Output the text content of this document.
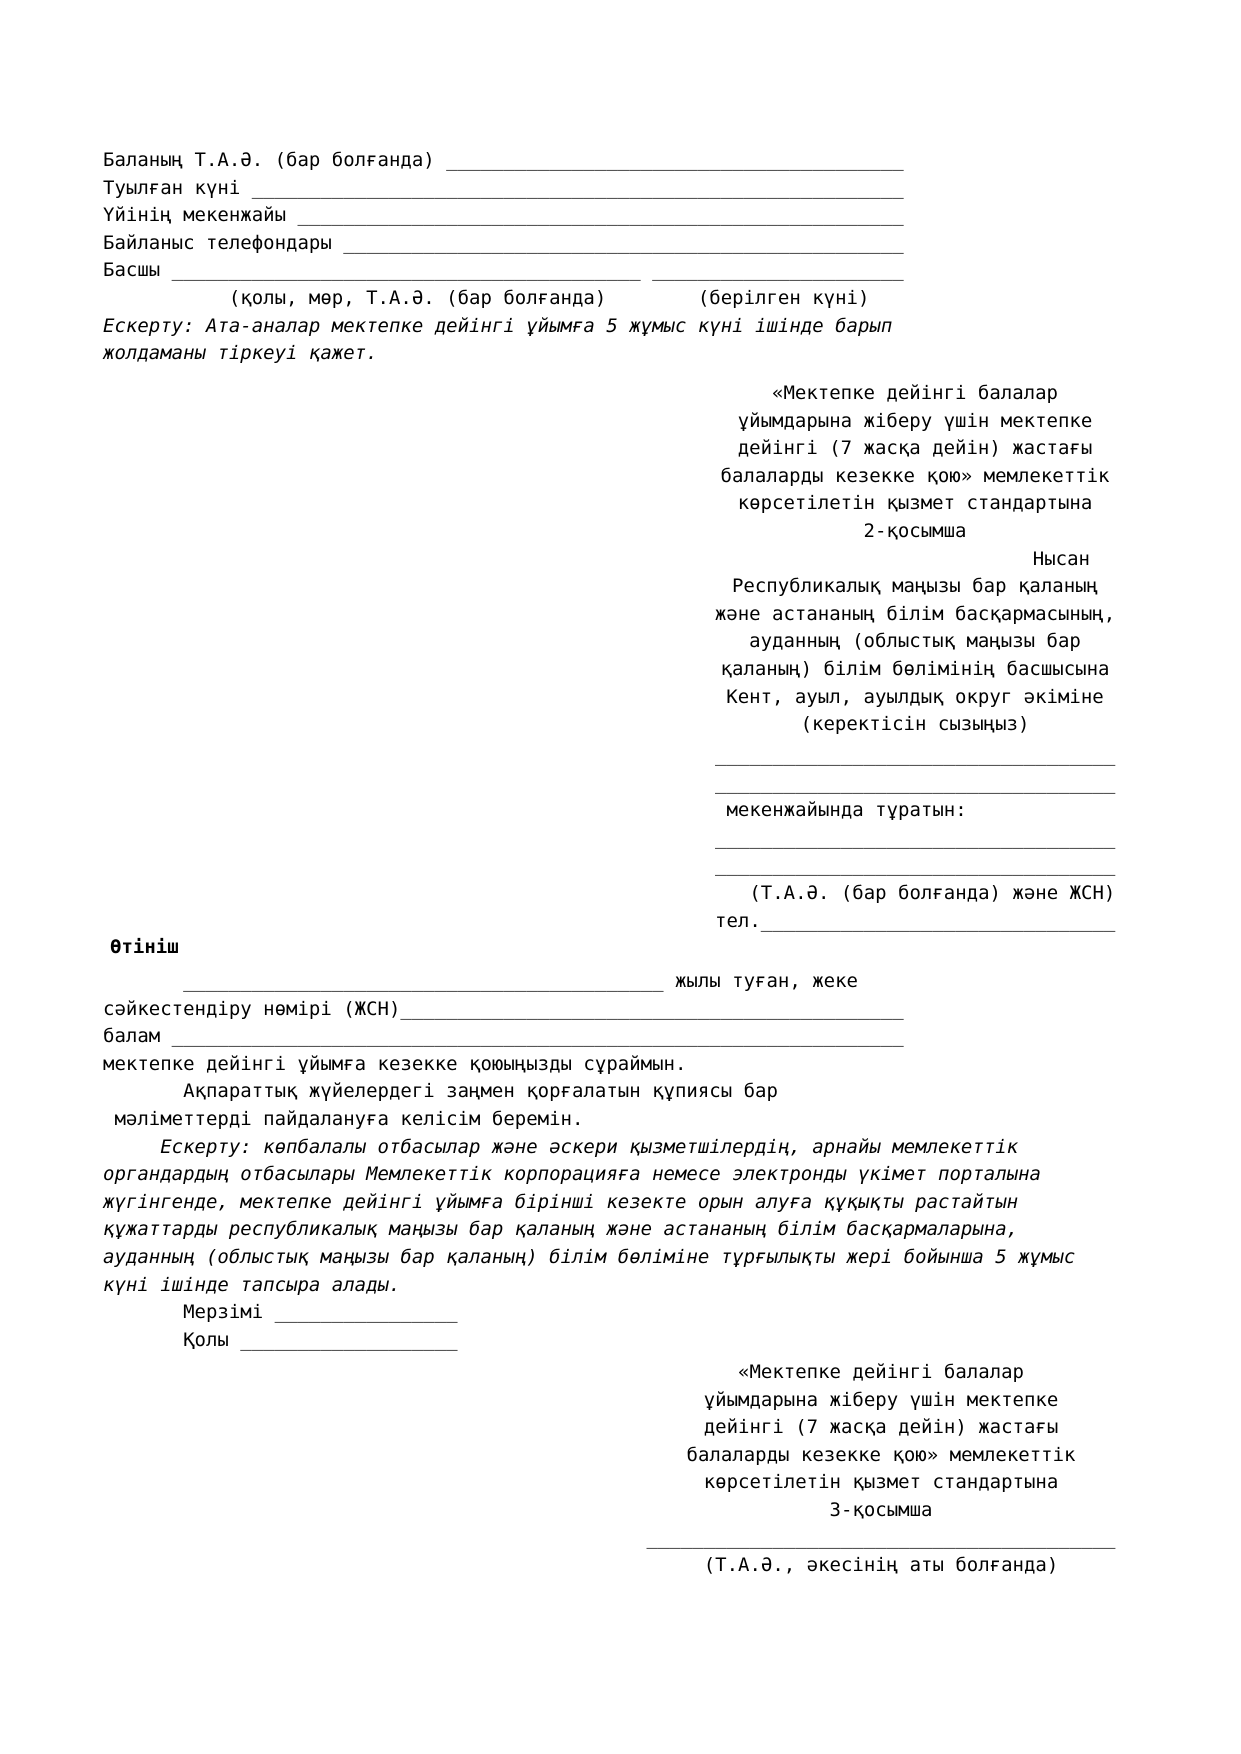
Баланың Т.А.Ә. (бар болғанда) ________________________________________
Туылған күні _________________________________________________________
Үйінің мекенжайы _____________________________________________________
Байланыс телефондары _________________________________________________
Басшы _________________________________________ ______________________
(қолы, мөр, Т.А.Ә. (бар болғанда)        (берілген күні)
Ескерту: Ата-аналар мектепке дейінгі ұйымға 5 жұмыс күні ішінде барып
жолдаманы тіркеуі қажет.
«Мектепке дейінгі балалар
ұйымдарына жіберу үшін мектепке
дейінгі (7 жасқа дейін) жастағы
балаларды кезекке қою» мемлекеттік
көрсетілетін қызмет стандартына
2-қосымша
Нысан
Республикалық маңызы бар қаланың
және астананың білім басқармасының,
ауданның (облыстық маңызы бар
қаланың) білім бөлімінің басшысына
Кент, ауыл, ауылдық округ әкіміне
(керектісін сызыңыз)
___________________________________
___________________________________
мекенжайында тұратын:
___________________________________
___________________________________
(Т.А.Ә. (бар болғанда) және ЖСН)
тел._______________________________
Өтініш
__________________________________________ жылы туған, жеке
сәйкестендіру нөмірі (ЖСН)____________________________________________
балам ________________________________________________________________
мектепке дейінгі ұйымға кезекке қоюыңызды сұраймын.
Ақпараттық жүйелердегі заңмен қорғалатын құпиясы бар
мәліметтерді пайдалануға келісім беремін.
Ескерту: көпбалалы отбасылар және әскери қызметшілердің, арнайы мемлекеттік
органдардың отбасылары Мемлекеттік корпорацияға немесе электронды үкімет порталына
жүгінгенде, мектепке дейінгі ұйымға бірінші кезекте орын алуға құқықты растайтын
құжаттарды республикалық маңызы бар қаланың және астананың білім басқармаларына,
ауданның (облыстық маңызы бар қаланың) білім бөліміне тұрғылықты жері бойынша 5 жұмыс
күні ішінде тапсыра алады.
Мерзімі ________________
Қолы ___________________
«Мектепке дейінгі балалар
ұйымдарына жіберу үшін мектепке
дейінгі (7 жасқа дейін) жастағы
балаларды кезекке қою» мемлекеттік
көрсетілетін қызмет стандартына
3-қосымша
_________________________________________
(Т.А.Ә., әкесінің аты болғанда)
